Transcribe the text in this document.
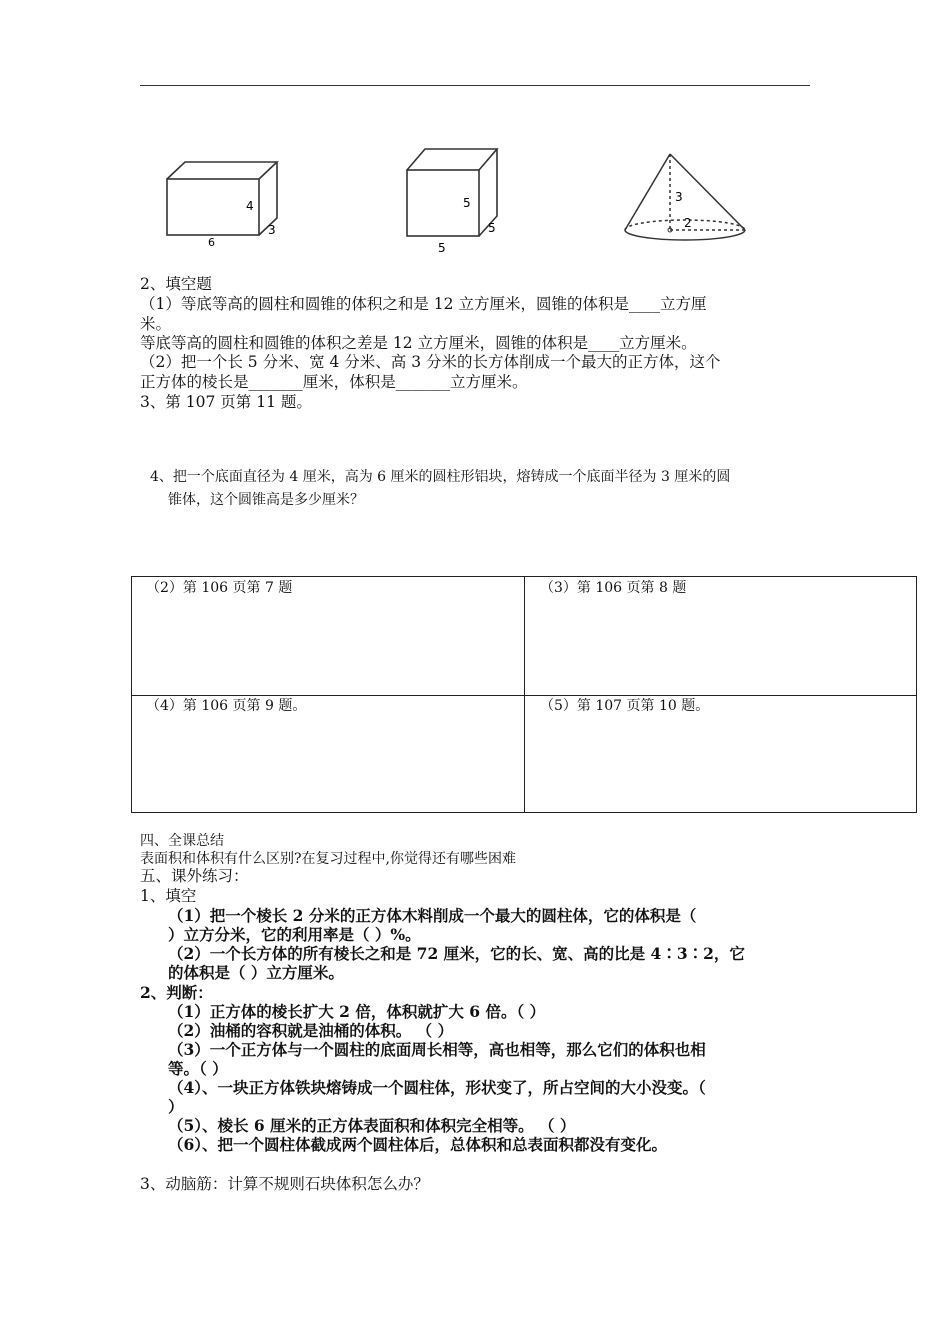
4
6
3
5
5
5
3
2
2、填空题
（1）等底等高的圆柱和圆锥的体积之和是 12 立方厘米，圆锥的体积是____立方厘
米。
等底等高的圆柱和圆锥的体积之差是 12 立方厘米，圆锥的体积是____立方厘米。
（2）把一个长 5 分米、宽 4 分米、高 3 分米的长方体削成一个最大的正方体，这个
正方体的棱长是_______厘米，体积是_______立方厘米。
3、第 107 页第 11 题。
4、把一个底面直径为 4 厘米，高为 6 厘米的圆柱形铝块，熔铸成一个底面半径为 3 厘米的圆
锥体，这个圆锥高是多少厘米？
（2）第 106 页第 7 题	（3）第 106 页第 8 题
（4）第 106 页第 9 题。	（5）第 107 页第 10 题。
四、全课总结
表面积和体积有什么区别?在复习过程中,你觉得还有哪些困难
五、课外练习：
1、填空
（1）把一个棱长 2 分米的正方体木料削成一个最大的圆柱体，它的体积是（
）立方分米，它的利用率是（ ）%。
（2）一个长方体的所有棱长之和是 72 厘米，它的长、宽、高的比是 4∶3∶2，它
的体积是（ ）立方厘米。
2、判断：
（1）正方体的棱长扩大 2 倍，体积就扩大 6 倍。（ ）
（2）油桶的容积就是油桶的体积。 （ ）
（3）一个正方体与一个圆柱的底面周长相等，高也相等，那么它们的体积也相
等。（ ）
（4）、一块正方体铁块熔铸成一个圆柱体，形状变了，所占空间的大小没变。（
）
（5）、棱长 6 厘米的正方体表面积和体积完全相等。 （ ）
（6）、把一个圆柱体截成两个圆柱体后，总体积和总表面积都没有变化。
3、动脑筋：计算不规则石块体积怎么办？
